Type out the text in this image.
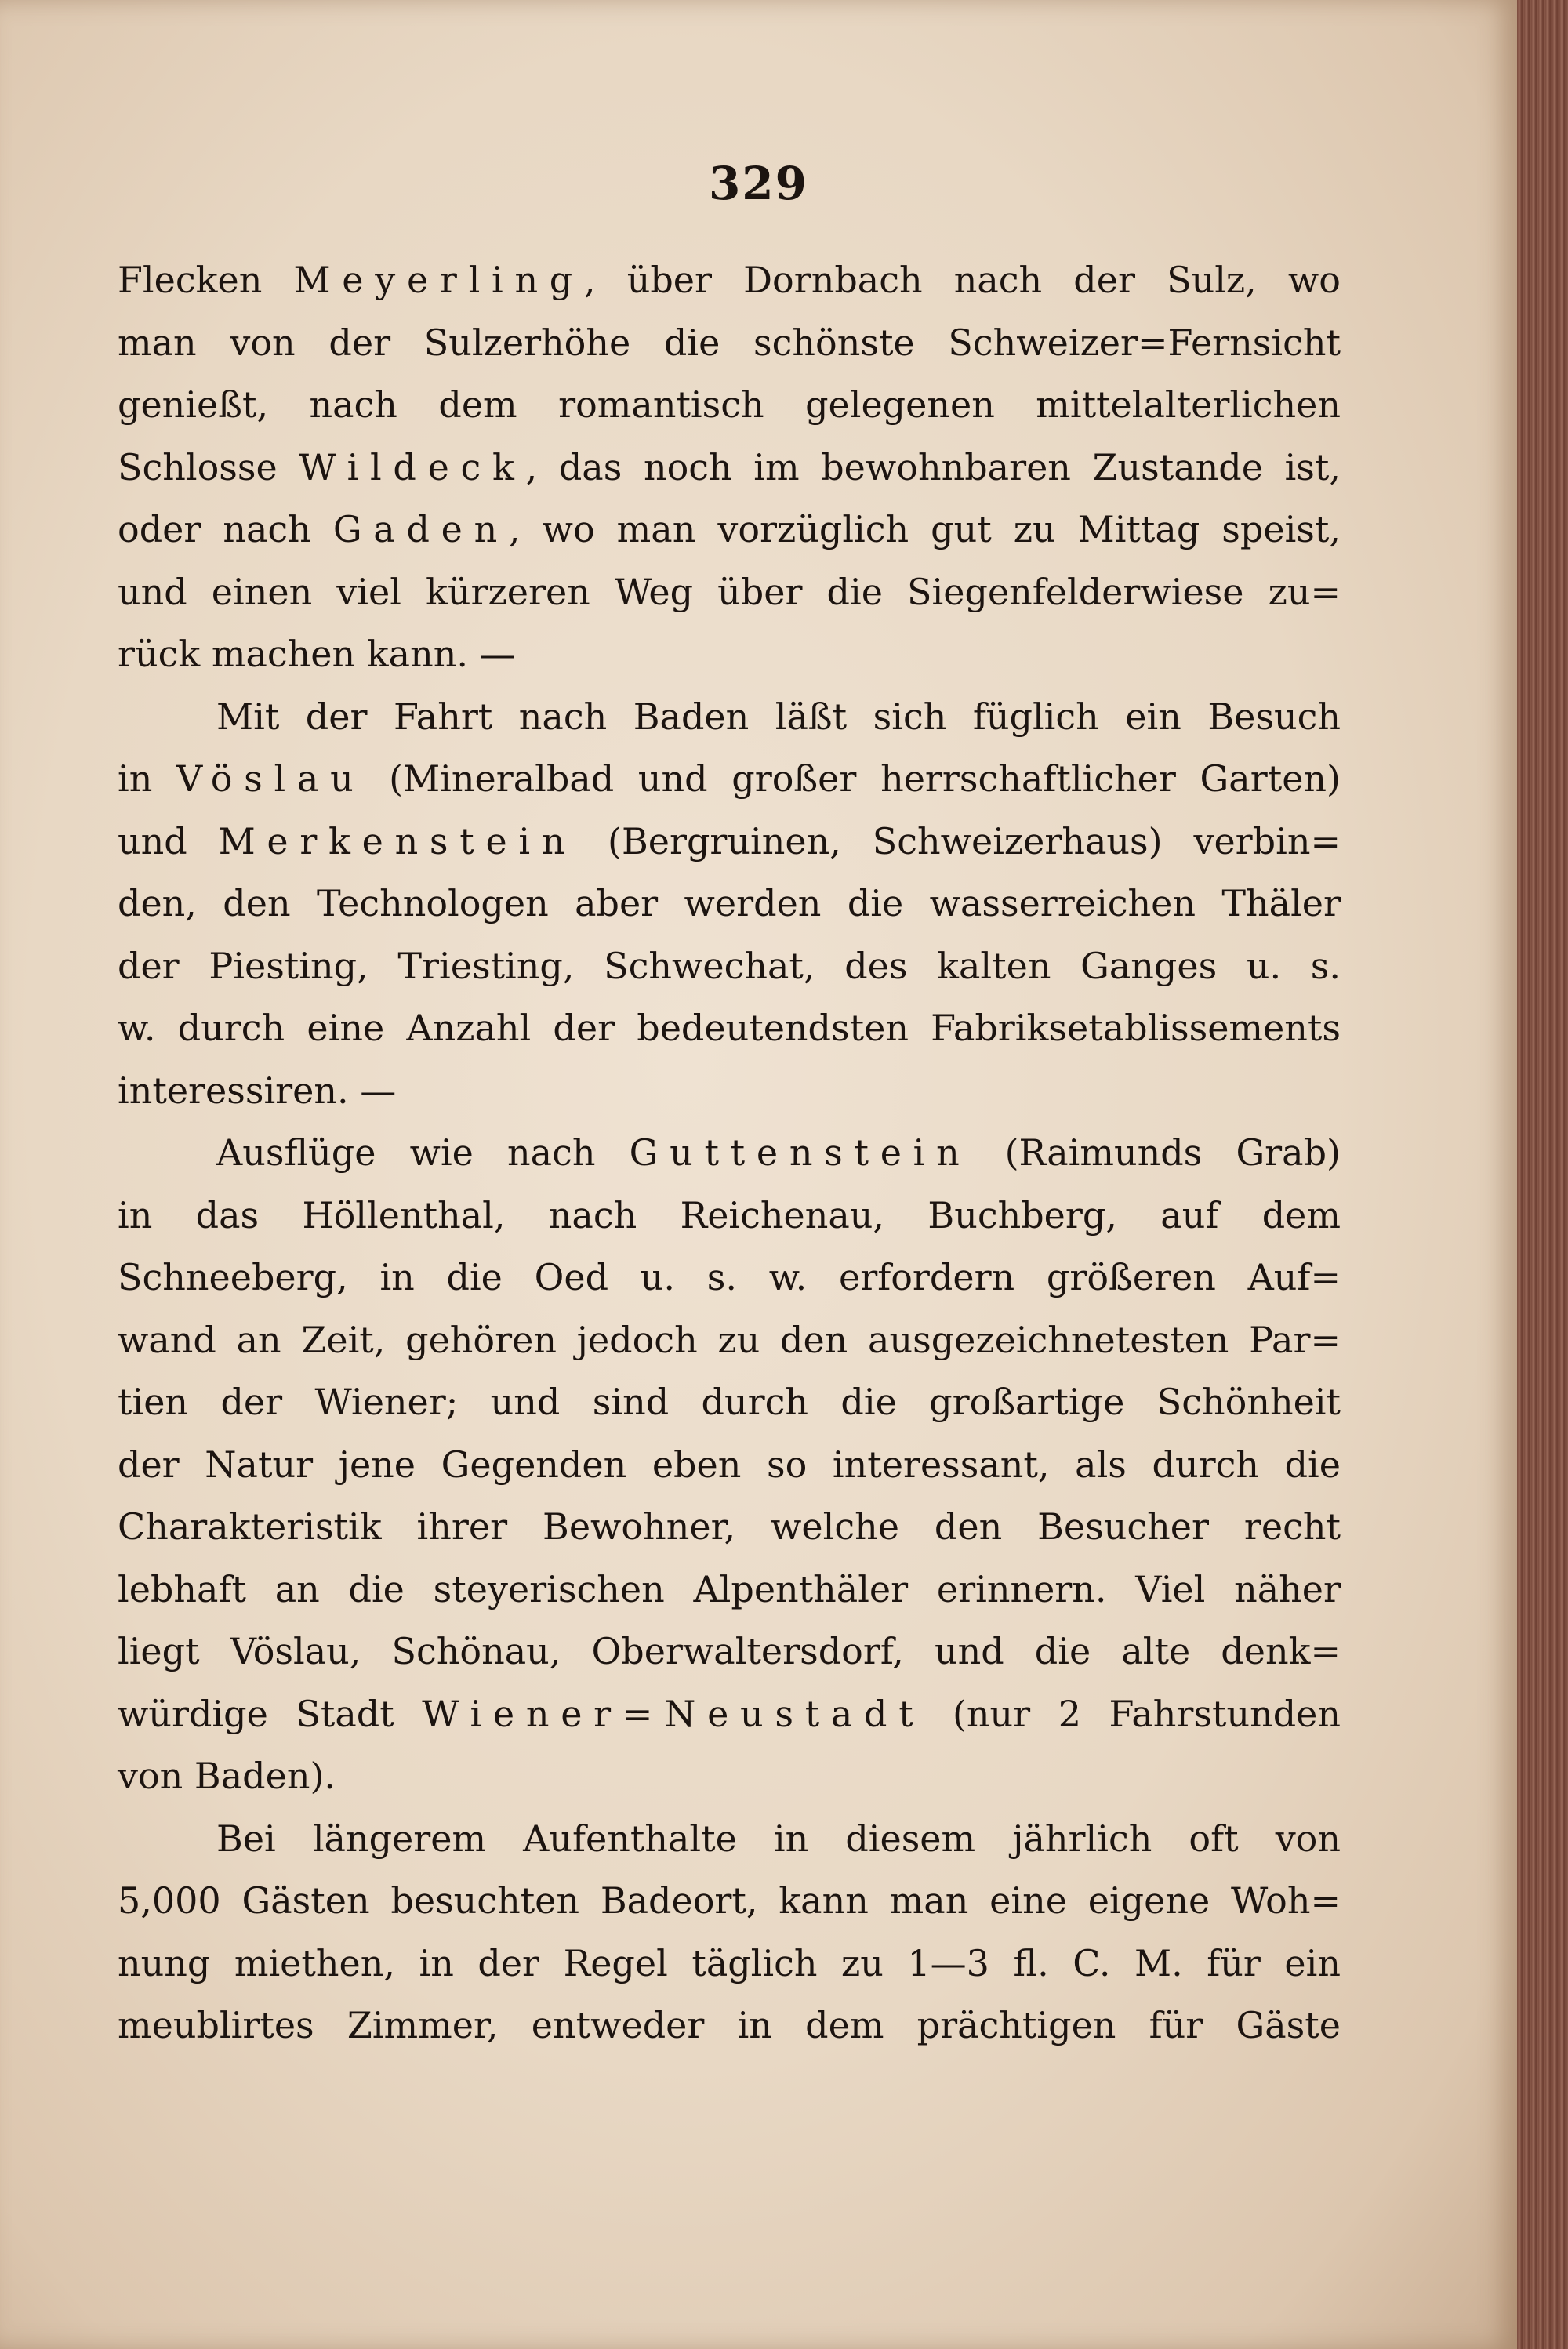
329
Flecken Meyerling, über Dornbach nach der Sulz, wo
man von der Sulzerhöhe die schönste Schweizer=Fernsicht
genießt, nach dem romantisch gelegenen mittelalterlichen
Schlosse Wildeck, das noch im bewohnbaren Zustande ist,
oder nach Gaden, wo man vorzüglich gut zu Mittag speist,
und einen viel kürzeren Weg über die Siegenfelderwiese zu=
rück machen kann. —
Mit der Fahrt nach Baden läßt sich füglich ein Besuch
in Vöslau (Mineralbad und großer herrschaftlicher Garten)
und Merkenstein (Bergruinen, Schweizerhaus) verbin=
den, den Technologen aber werden die wasserreichen Thäler
der Piesting, Triesting, Schwechat, des kalten Ganges u. s.
w. durch eine Anzahl der bedeutendsten Fabriksetablissements
interessiren. —
Ausflüge wie nach Guttenstein (Raimunds Grab)
in das Höllenthal, nach Reichenau, Buchberg, auf dem
Schneeberg, in die Oed u. s. w. erfordern größeren Auf=
wand an Zeit, gehören jedoch zu den ausgezeichnetesten Par=
tien der Wiener; und sind durch die großartige Schönheit
der Natur jene Gegenden eben so interessant, als durch die
Charakteristik ihrer Bewohner, welche den Besucher recht
lebhaft an die steyerischen Alpenthäler erinnern. Viel näher
liegt Vöslau, Schönau, Oberwaltersdorf, und die alte denk=
würdige Stadt Wiener=Neustadt (nur 2 Fahrstunden
von Baden).
Bei längerem Aufenthalte in diesem jährlich oft von
5,000 Gästen besuchten Badeort, kann man eine eigene Woh=
nung miethen, in der Regel täglich zu 1—3 fl. C. M. für ein
meublirtes Zimmer, entweder in dem prächtigen für Gäste
